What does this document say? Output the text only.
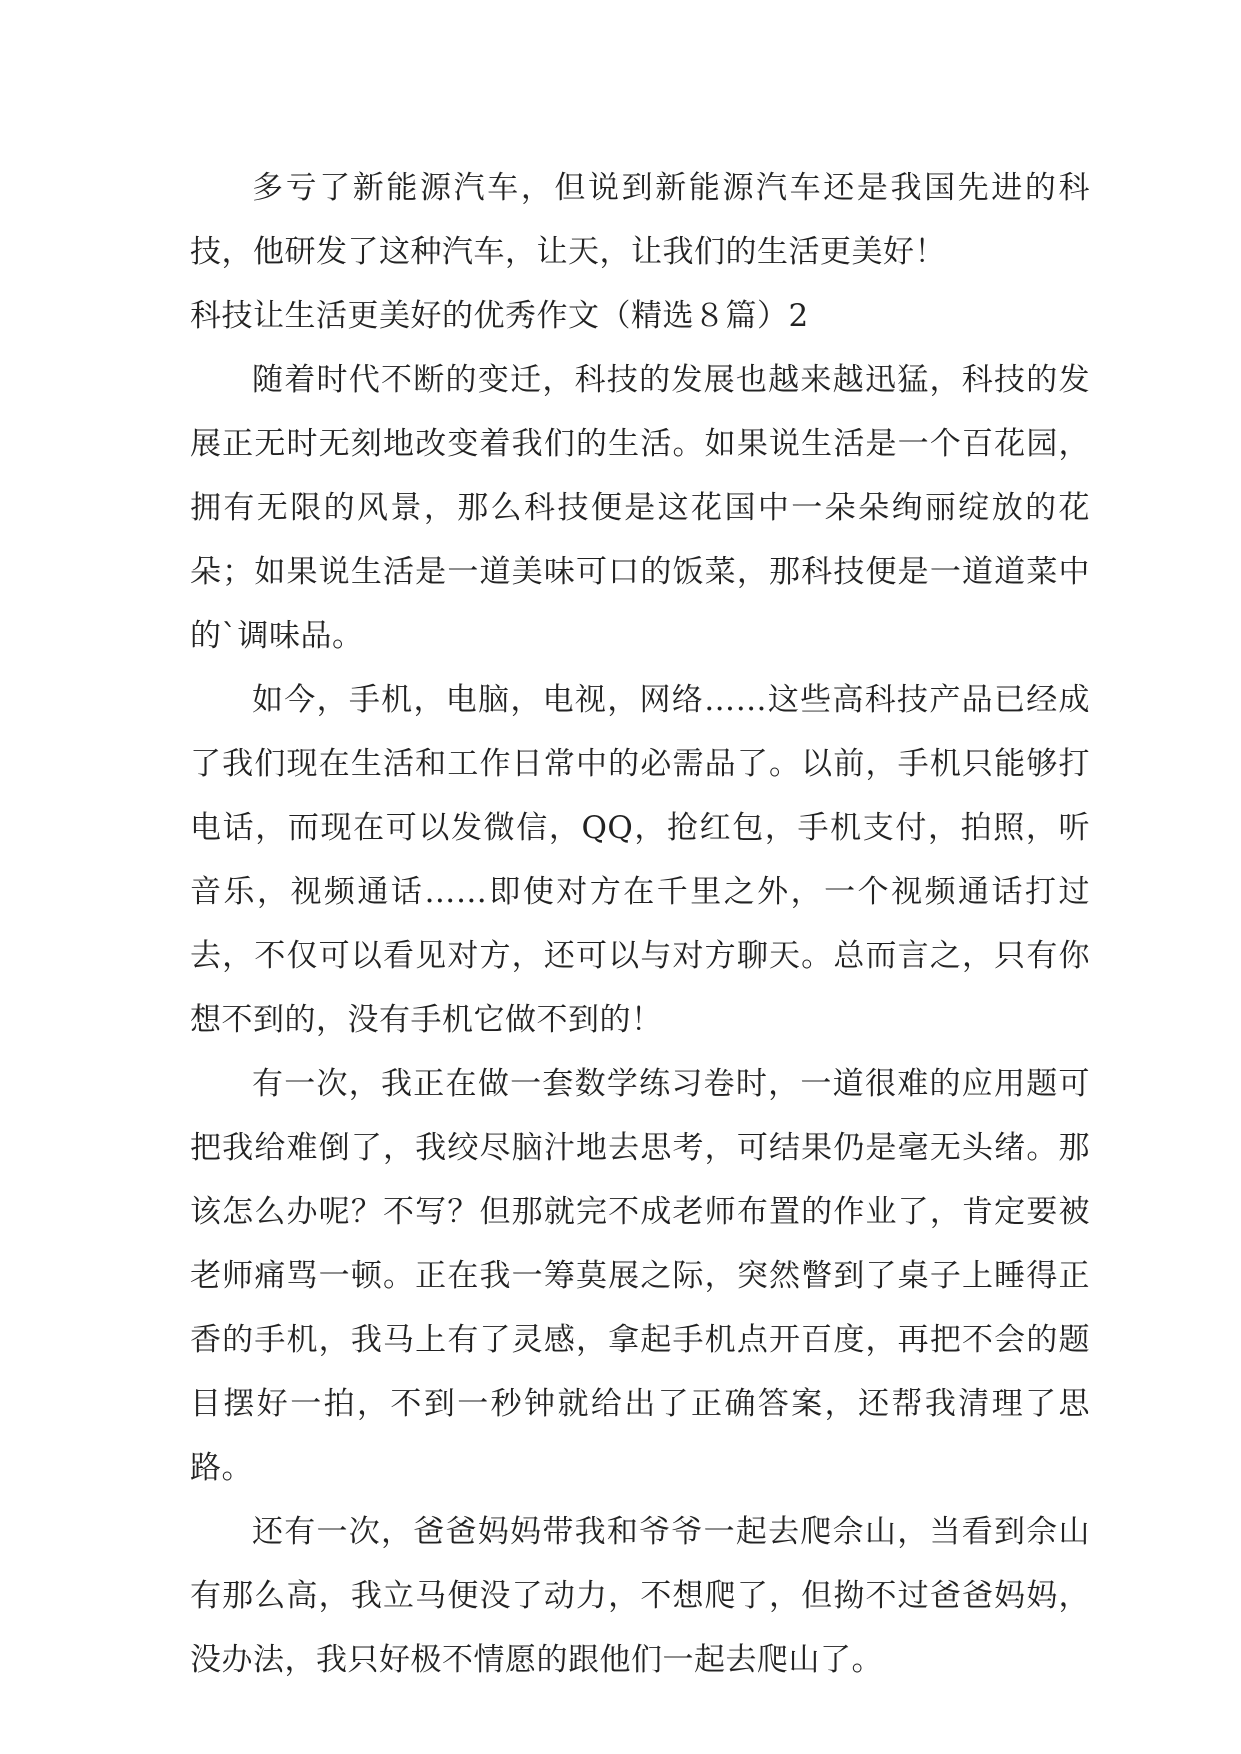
多亏了新能源汽车，但说到新能源汽车还是我国先进的科技，他研发了这种汽车，让天，让我们的生活更美好！

科技让生活更美好的优秀作文（精选８篇）2

随着时代不断的变迁，科技的发展也越来越迅猛，科技的发展正无时无刻地改变着我们的生活。如果说生活是一个百花园，拥有无限的风景，那么科技便是这花国中一朵朵绚丽绽放的花朵；如果说生活是一道美味可口的饭菜，那科技便是一道道菜中的`调味品。

如今，手机，电脑，电视，网络……这些高科技产品已经成了我们现在生活和工作日常中的必需品了。以前，手机只能够打电话，而现在可以发微信，QQ，抢红包，手机支付，拍照，听音乐，视频通话……即使对方在千里之外，一个视频通话打过去，不仅可以看见对方，还可以与对方聊天。总而言之，只有你想不到的，没有手机它做不到的！

有一次，我正在做一套数学练习卷时，一道很难的应用题可把我给难倒了，我绞尽脑汁地去思考，可结果仍是毫无头绪。那该怎么办呢？不写？但那就完不成老师布置的作业了，肯定要被老师痛骂一顿。正在我一筹莫展之际，突然瞥到了桌子上睡得正香的手机，我马上有了灵感，拿起手机点开百度，再把不会的题目摆好一拍，不到一秒钟就给出了正确答案，还帮我清理了思路。

还有一次，爸爸妈妈带我和爷爷一起去爬佘山，当看到佘山有那么高，我立马便没了动力，不想爬了，但拗不过爸爸妈妈，没办法，我只好极不情愿的跟他们一起去爬山了。
